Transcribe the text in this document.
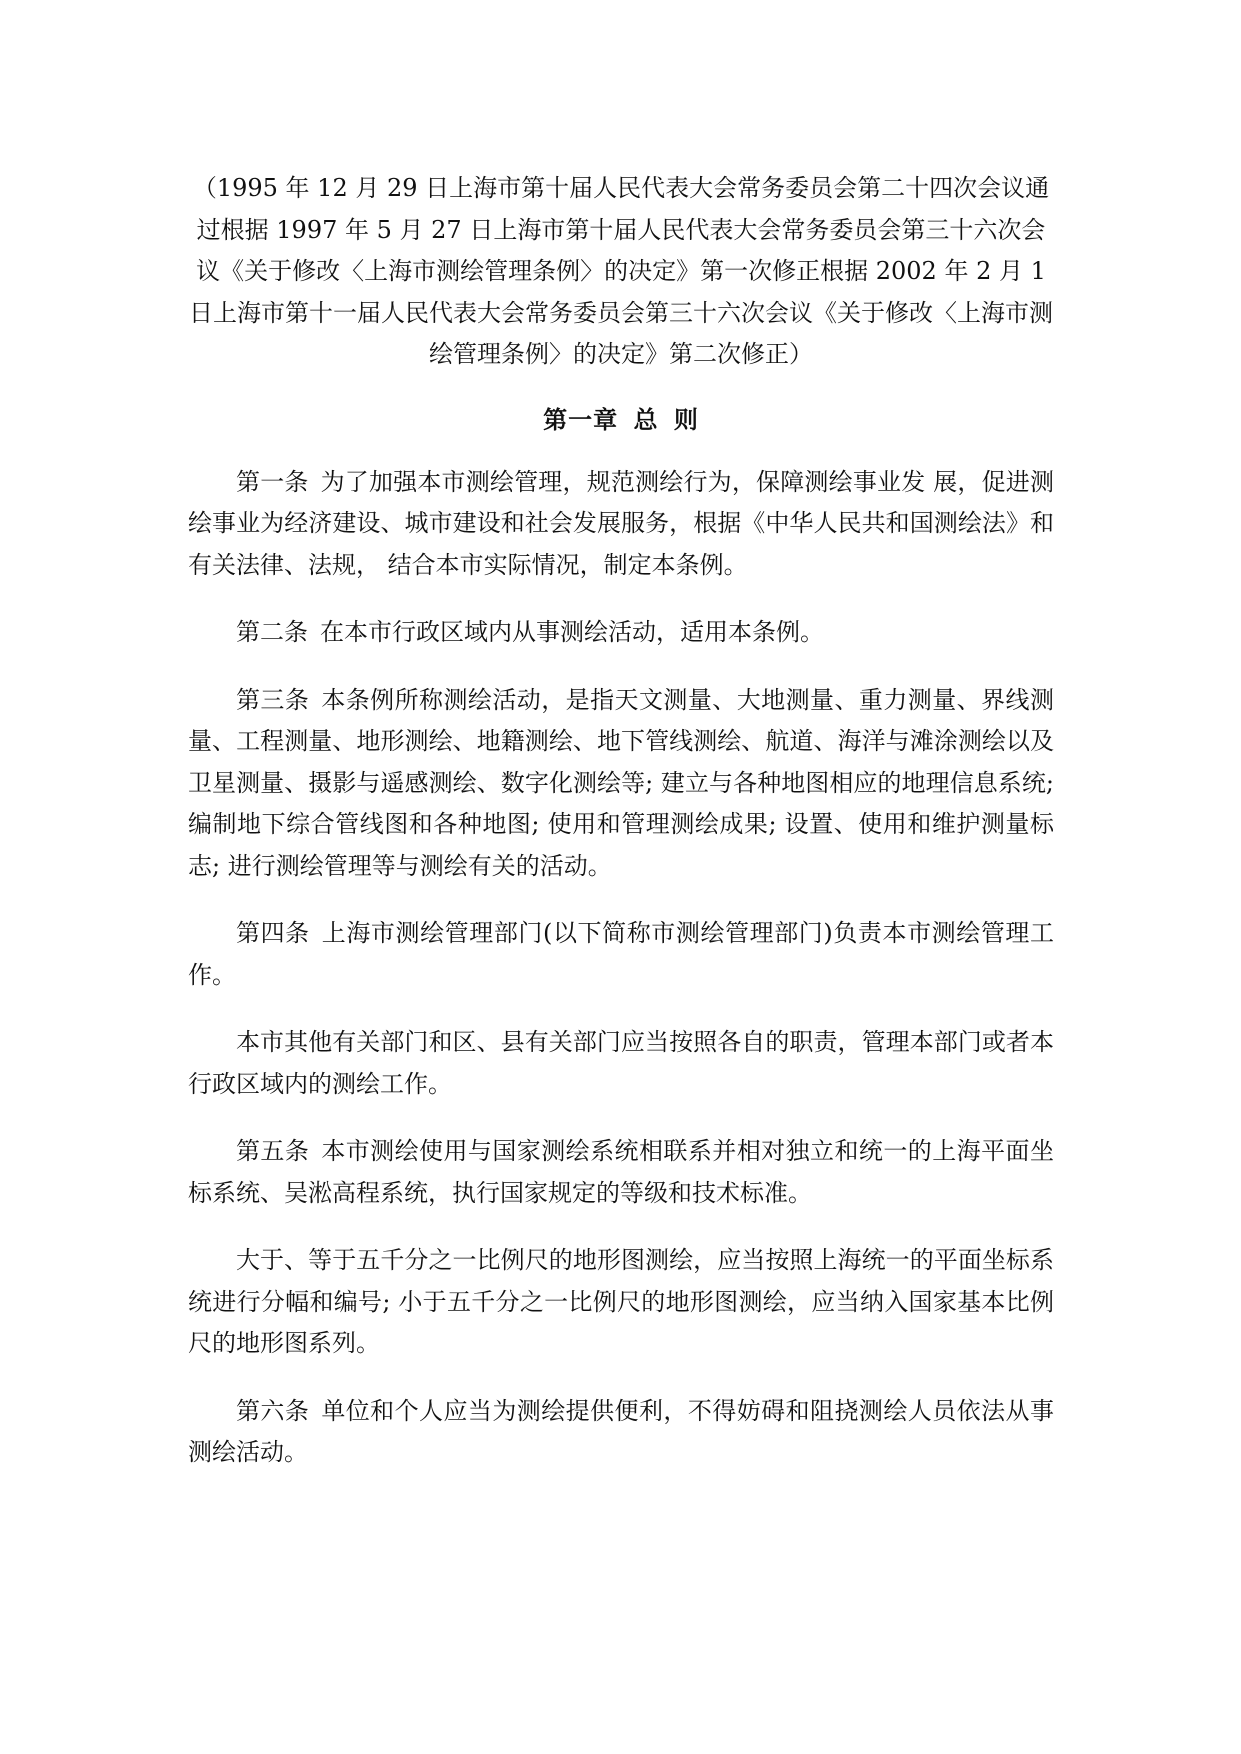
（1995 年 12 月 29 日上海市第十届人民代表大会常务委员会第二十四次会议通过根据 1997 年 5 月 27 日上海市第十届人民代表大会常务委员会第三十六次会议《关于修改〈上海市测绘管理条例〉的决定》第一次修正根据 2002 年 2 月 1 日上海市第十一届人民代表大会常务委员会第三十六次会议《关于修改〈上海市测绘管理条例〉的决定》第二次修正）

第一章 总 则

第一条 为了加强本市测绘管理，规范测绘行为，保障测绘事业发 展，促进测绘事业为经济建设、城市建设和社会发展服务，根据《中华人民共和国测绘法》和有关法律、法规， 结合本市实际情况，制定本条例。

第二条 在本市行政区域内从事测绘活动，适用本条例。

第三条 本条例所称测绘活动，是指天文测量、大地测量、重力测量、界线测量、工程测量、地形测绘、地籍测绘、地下管线测绘、航道、海洋与滩涂测绘以及卫星测量、摄影与遥感测绘、数字化测绘等; 建立与各种地图相应的地理信息系统; 编制地下综合管线图和各种地图; 使用和管理测绘成果; 设置、使用和维护测量标志; 进行测绘管理等与测绘有关的活动。

第四条 上海市测绘管理部门(以下简称市测绘管理部门)负责本市测绘管理工作。

本市其他有关部门和区、县有关部门应当按照各自的职责，管理本部门或者本行政区域内的测绘工作。

第五条 本市测绘使用与国家测绘系统相联系并相对独立和统一的上海平面坐标系统、吴淞高程系统，执行国家规定的等级和技术标准。

大于、等于五千分之一比例尺的地形图测绘，应当按照上海统一的平面坐标系统进行分幅和编号; 小于五千分之一比例尺的地形图测绘，应当纳入国家基本比例尺的地形图系列。

第六条 单位和个人应当为测绘提供便利，不得妨碍和阻挠测绘人员依法从事测绘活动。
